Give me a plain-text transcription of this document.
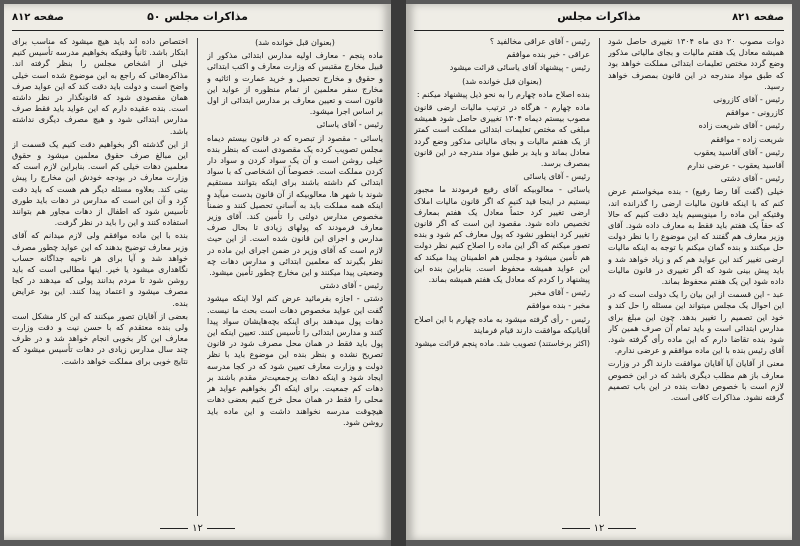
صفحه ۸۱۲	مذاکرات مجلس ۵۰

(بعنوان قبل خوانده شد)

ماده پنجم - معارف اولیه مدارس ابتدائی مذکور از قبیل مخارج مقتبس که وزارت معارف و اکتب ابتدائی و حقوق و مخارج تحصیل و خرید عمارت و اثاثیه و مخارج سفر معلمین از تمام منظوره از عواید این قانون است و تعیین معارف بر مدارس ابتدائی از اول بر اساس اجرا میشود.

رئیس - آقای یاسائی

یاسائی - مقصود از تبصره که در قانون بیستم دیماه مجلس تصویب کرده یک مقصودی است که بنظر بنده خیلی روشن است و آن یک سواد کردن و سواد دار کردن مملکت است. خصوصاً آن اشخاصی که با سواد ابتدائی کم داشته باشند برای اینکه بتوانند مستقیم شوند با شهر ها. معالوبیکه از آن قانون بدست میآید و اینکه همه مملکت باید به آسانی تحصیل کنند و ضمناً مخصوص مدارس دولتی را تأمین کند. آقای وزیر معارف فرمودند که پولهای زیادی تا بحال صرف مدارس و اجرای این قانون شده است. از این حیث لازم است که آقای وزیر در ضمن اجرای این ماده در نظر بگیرند که معلمین ابتدائی و مدارس دهات چه وضعیتی پیدا میکنند و این مخارج چطور تأمین میشود.

رئیس - آقای دشتی

دشتی - اجازه بفرمائید عرض کنم اولا اینکه میشود گفت این عواید مخصوص دهات است بحث ما نیست. دهات پول میدهند برای اینکه بچه‌هایشان سواد پیدا کنند و مدارس ابتدائی را تأسیس کنند. تعیین اینکه این پول باید فقط در همان محل مصرف شود در قانون تصریح نشده و بنظر بنده این موضوع باید با نظر دولت و وزارت معارف تعیین شود که در کجا مدرسه ایجاد شود و اینکه دهات پرجمعیت‌تر مقدم باشند بر دهات کم جمعیت. برای اینکه اگر بخواهیم عواید هر محلی را فقط در همان محل خرج کنیم بعضی دهات هیچوقت مدرسه نخواهند داشت و این ماده باید روشن شود.

اختصاص داده اند باید هیچ میشود که مناسب برای ابتکار باشد. ثانیاً وقتیکه بخواهیم مدرسه تأسیس کنیم خیلی از اشخاص مجلس را بنظر گرفته اند. مذاکره‌هائی که راجع به این موضوع شده است خیلی واضح است و دولت باید دقت کند که این عواید صرف همان مقصودی شود که قانونگذار در نظر داشته است. بنده عقیده دارم که این عواید باید فقط صرف مدارس ابتدائی شود و هیچ مصرف دیگری نداشته باشد.

از این گذشته اگر بخواهیم دقت کنیم یک قسمت از این مبالغ صرف حقوق معلمین میشود و حقوق معلمین دهات خیلی کم است. بنابراین لازم است که وزارت معارف در بودجه خودش این مخارج را پیش بینی کند. بعلاوه مسئله دیگر هم هست که باید دقت کرد و آن این است که مدارس در دهات باید طوری تأسیس شود که اطفال از دهات مجاور هم بتوانند استفاده کنند و این را باید در نظر گرفت.

بنده با این ماده موافقم ولی لازم میدانم که آقای وزیر معارف توضیح بدهند که این عواید چطور مصرف خواهد شد و آیا برای هر ناحیه جداگانه حساب نگاهداری میشود یا خیر. اینها مطالبی است که باید روشن شود تا مردم بدانند پولی که میدهند در کجا مصرف میشود و اعتماد پیدا کنند. این بود عرایض بنده.

بعضی از آقایان تصور میکنند که این کار مشکل است ولی بنده معتقدم که با حسن نیت و دقت وزارت معارف این کار بخوبی انجام خواهد شد و در ظرف چند سال مدارس زیادی در دهات تأسیس میشود که نتایج خوبی برای مملکت خواهد داشت.

۱۲
صفحه ۸۲۱
مذاکرات مجلس

دوات مصوب ۲۰ دی ماه ۱۳۰۴ تغییری حاصل شود همیشه معادل یک هفتم مالیات و بجای مالیاتی مذکور وضع گردد مختص تعلیمات ابتدائی مملکت خواهد بود که طبق مواد مندرجه در این قانون بمصرف خواهد رسید.

رئیس - آقای کازرونی

کازرونی - موافقم

رئیس - آقای شریعت زاده

شریعت زاده - موافقم

رئیس - آقای آقاسید یعقوب

آقاسید یعقوب - عرضی ندارم

رئیس - آقای دشتی

خیلی (گفت آقا رضا رفیع) - بنده میخواستم عرض کنم که با اینکه قانون مالیات ارضی را گذرانده اند، وقتیکه این ماده را مینویسیم باید دقت کنیم که حالا که حقاً یک هفتم باید فقط به معارف داده شود. آقای وزیر معارف هم گفتند که این موضوع را با نظر دولت حل میکنند و بنده گمان میکنم با توجه به اینکه مالیات ارضی تغییر کند این عواید هم کم و زیاد خواهد شد و باید پیش بینی شود که اگر تغییری در قانون مالیات داده شود این یک هفتم محفوظ بماند.

عبد - این قسمت از این بیان را یک دولت است که در این احوال یک مجلس میتواند این مسئله را حل کند و خود این تصمیم را تغییر بدهد. چون این مبلغ برای مدارس ابتدائی است و باید تمام آن صرف همین کار شود بنده تقاضا دارم که این ماده رأی گرفته شود. آقای رئیس بنده با این ماده موافقم و عرضی ندارم.

معنی از آقایان آیا آقایان موافقت دارند اگر در وزارت معارف باز هم مطلب دیگری باشد که در این خصوص لازم است با خصوص دهات بنده در این باب تصمیم گرفته نشود. مذاکرات کافی است.

رئیس - آقای عراقی مخالفید ؟

عراقی - خیر بنده موافقم

رئیس - پیشنهاد آقای یاسائی قرائت میشود

(بعنوان قبل خوانده شد)

بنده اصلاح ماده چهارم را به نحو ذیل پیشنهاد میکنم :

ماده چهارم - هرگاه در ترتیب مالیات ارضی قانون مصوب بیستم دیماه ۱۳۰۴ تغییری حاصل شود همیشه مبلغی که مختص تعلیمات ابتدائی مملکت است کمتر از یک هفتم مالیات و بجای مالیاتی مذکور وضع گردد معادل بماند و باید بر طبق مواد مندرجه در این قانون بمصرف برسد.

رئیس - آقای یاسائی

یاسائی - معالوبیکه آقای رفیع فرمودند ما مجبور نیستیم در اینجا قید کنیم که اگر قانون مالیات املاک ارضی تغییر کرد حتماً معادل یک هفتم بمعارف تخصیص داده شود. مقصود این است که اگر قانون تغییر کرد اینطور نشود که پول معارف کم شود و بنده تصور میکنم که اگر این ماده را اصلاح کنیم نظر دولت هم تأمین میشود و مجلس هم اطمینان پیدا میکند که این عواید همیشه محفوظ است. بنابراین بنده این پیشنهاد را کردم که معادل یک هفتم همیشه بماند.

رئیس - آقای مخبر

مخبر - بنده موافقم

رئیس - رأی گرفته میشود به ماده چهارم با این اصلاح آقایانیکه موافقت دارند قیام فرمایند

(اکثر برخاستند) تصویب شد. ماده پنجم قرائت میشود

۱۲
